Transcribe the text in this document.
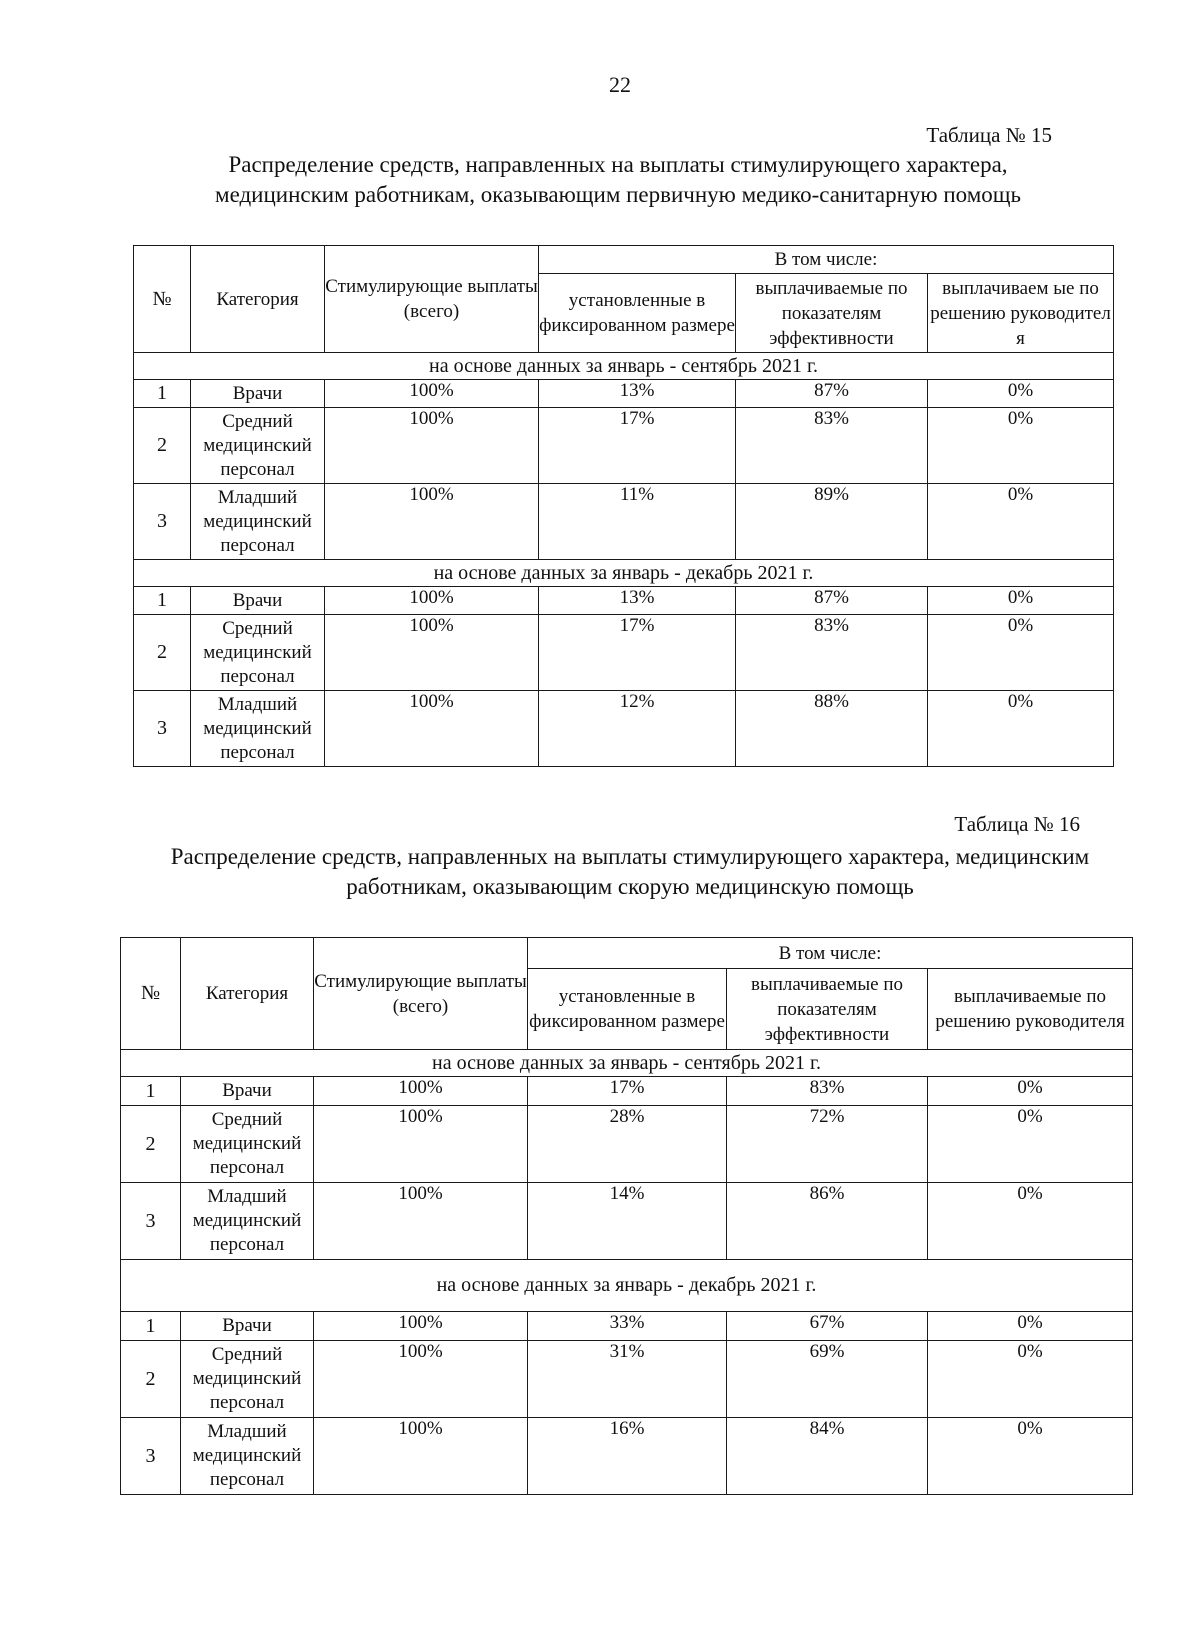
22
Таблица № 15
Распределение средств, направленных на выплаты стимулирующего характера, медицинским работникам, оказывающим первичную медико-санитарную помощь
№	Категория	Стимулирующие выплаты (всего)	В том числе:		
			установленные в фиксированном размере	выплачиваемые по показателям эффективности	выплачиваем ые по решению руководител я
на основе данных за январь - сентябрь 2021 г.					
1	Врачи	100%	13%	87%	0%
2	Средний медицинский персонал	100%	17%	83%	0%
3	Младший медицинский персонал	100%	11%	89%	0%
на основе данных за январь - декабрь 2021 г.					
1	Врачи	100%	13%	87%	0%
2	Средний медицинский персонал	100%	17%	83%	0%
3	Младший медицинский персонал	100%	12%	88%	0%
Таблица № 16
Распределение средств, направленных на выплаты стимулирующего характера, медицинским работникам, оказывающим скорую медицинскую помощь
№	Категория	Стимулирующие выплаты (всего)	В том числе:		
			установленные в фиксированном размере	выплачиваемые по показателям эффективности	выплачиваемые по решению руководителя
на основе данных за январь - сентябрь 2021 г.					
1	Врачи	100%	17%	83%	0%
2	Средний медицинский персонал	100%	28%	72%	0%
3	Младший медицинский персонал	100%	14%	86%	0%
на основе данных за январь - декабрь 2021 г.					
1	Врачи	100%	33%	67%	0%
2	Средний медицинский персонал	100%	31%	69%	0%
3	Младший медицинский персонал	100%	16%	84%	0%
